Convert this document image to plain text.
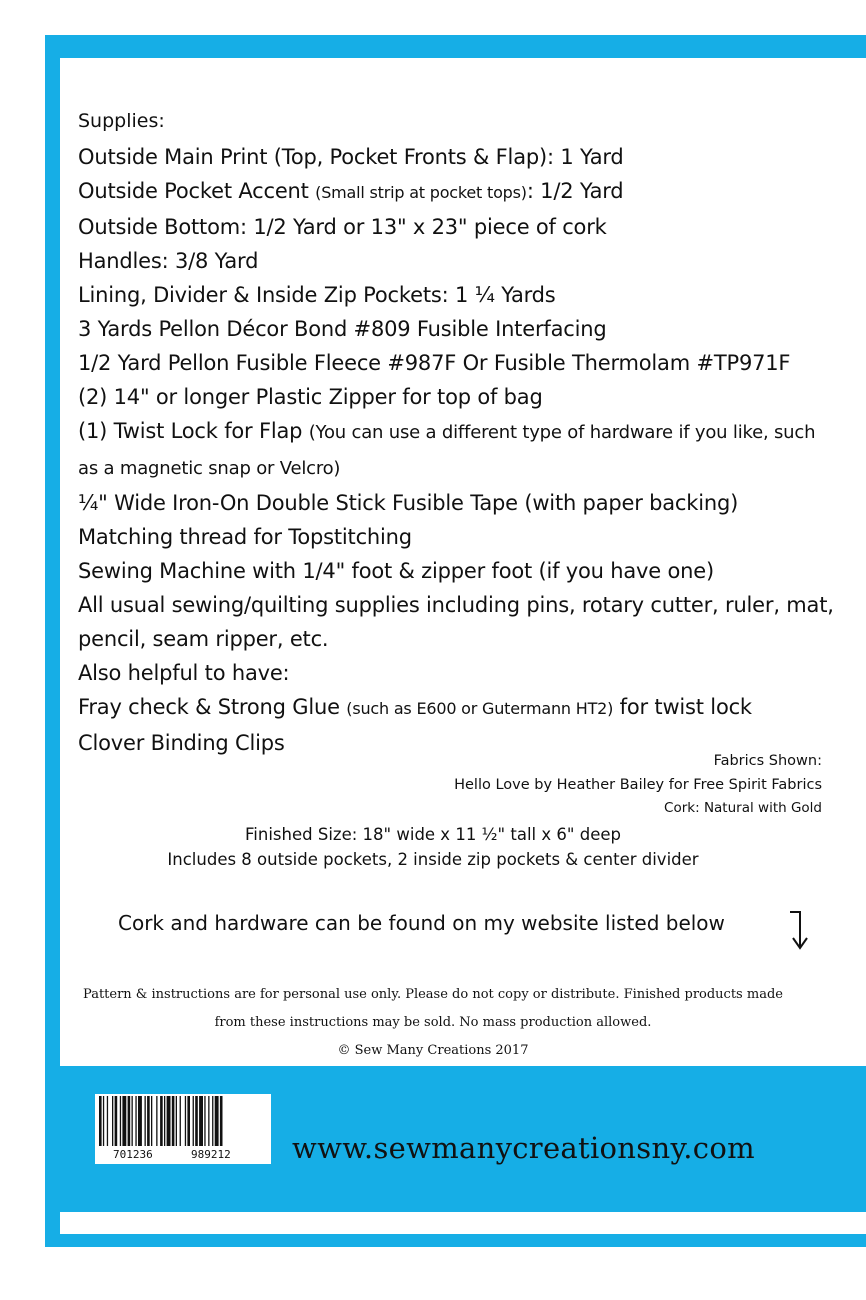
Supplies:
Outside Main Print (Top, Pocket Fronts & Flap): 1 Yard
Outside Pocket Accent (Small strip at pocket tops): 1/2 Yard
Outside Bottom: 1/2 Yard or 13" x 23" piece of cork
Handles: 3/8 Yard
Lining, Divider & Inside Zip Pockets: 1 ¼ Yards
3 Yards Pellon Décor Bond #809 Fusible Interfacing
1/2 Yard Pellon Fusible Fleece #987F Or Fusible Thermolam #TP971F
(2) 14" or longer Plastic Zipper for top of bag
(1) Twist Lock for Flap (You can use a different type of hardware if you like, such as a magnetic snap or Velcro)
¼" Wide Iron-On Double Stick Fusible Tape (with paper backing)
Matching thread for Topstitching
Sewing Machine with 1/4" foot & zipper foot (if you have one)
All usual sewing/quilting supplies including pins, rotary cutter, ruler, mat, pencil, seam ripper, etc.
Also helpful to have:
Fray check & Strong Glue (such as E600 or Gutermann HT2) for twist lock
Clover Binding Clips
Fabrics Shown:
Hello Love by Heather Bailey for Free Spirit Fabrics
Cork: Natural with Gold
Finished Size: 18" wide x 11 ½" tall x 6" deep
Includes 8 outside pockets, 2 inside zip pockets & center divider
Cork and hardware can be found on my website listed below
Pattern & instructions are for personal use only. Please do not copy or distribute. Finished products made
from these instructions may be sold. No mass production allowed.
© Sew Many Creations 2017
701236	989212 www.sewmanycreationsny.com
